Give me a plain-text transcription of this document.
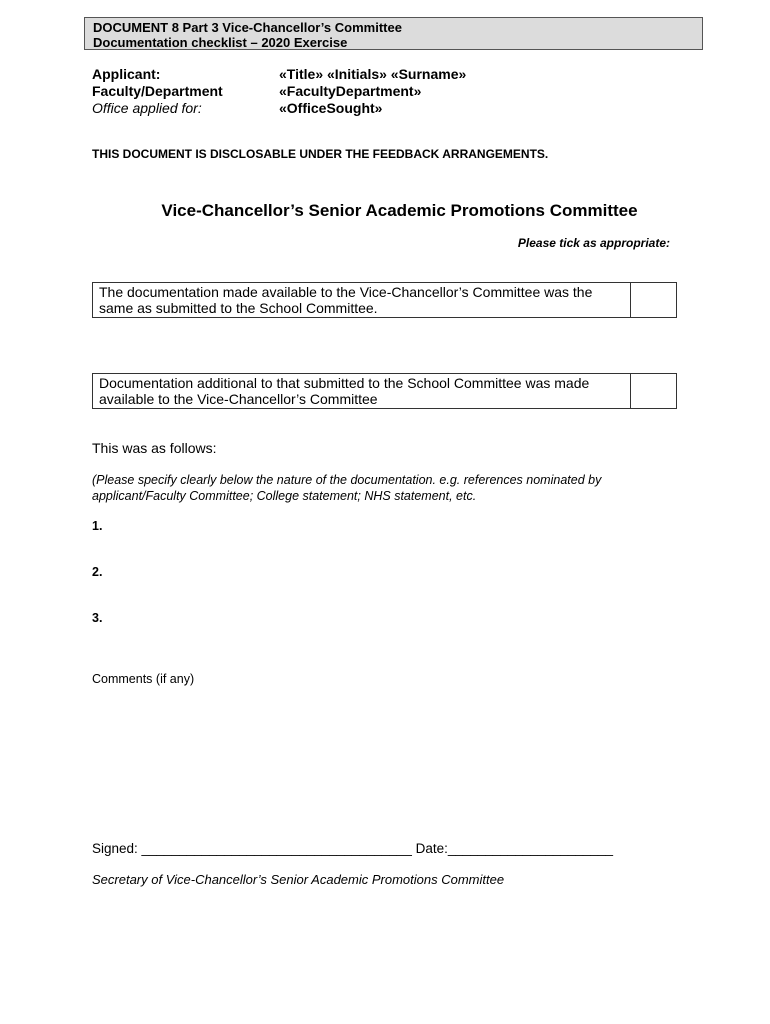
DOCUMENT 8 Part 3 Vice-Chancellor’s Committee
Documentation checklist – 2020 Exercise
Applicant:	«Title» «Initials» «Surname»
Faculty/Department	«FacultyDepartment»
Office applied for:	«OfficeSought»
THIS DOCUMENT IS DISCLOSABLE UNDER THE FEEDBACK ARRANGEMENTS.
Vice-Chancellor’s Senior Academic Promotions Committee
Please tick as appropriate:
The documentation made available to the Vice-Chancellor’s Committee was the same as submitted to the School Committee.
Documentation additional to that submitted to the School Committee was made available to the Vice-Chancellor’s Committee
This was as follows:
(Please specify clearly below the nature of the documentation. e.g. references nominated by applicant/Faculty Committee; College statement; NHS statement, etc.
1.
2.
3.
Comments (if any)
Signed: ____________________________________ Date:______________________
Secretary of Vice-Chancellor’s Senior Academic Promotions Committee
